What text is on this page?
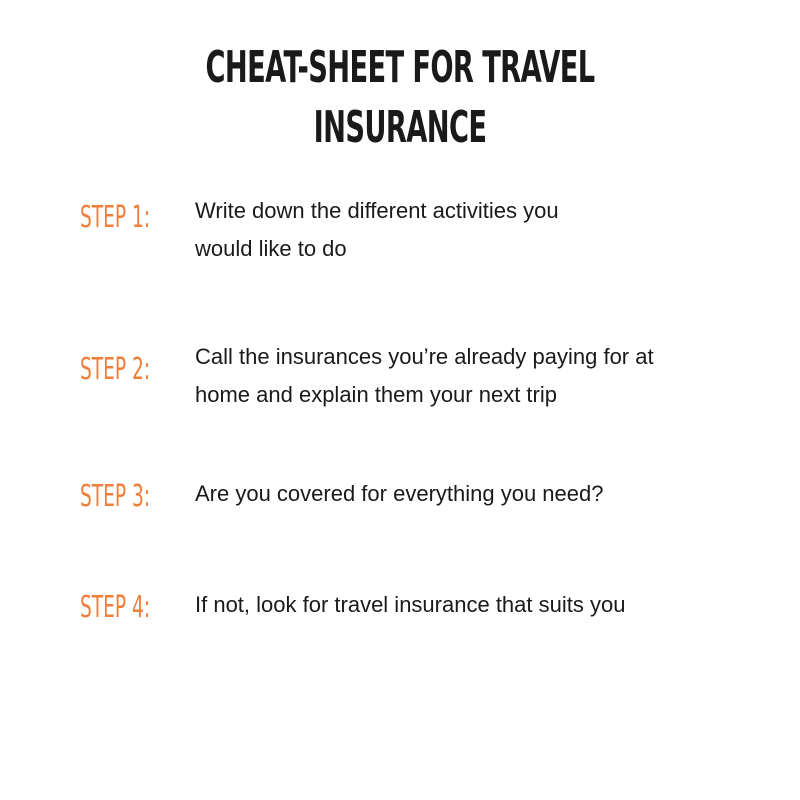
CHEAT-SHEET FOR TRAVEL INSURANCE
STEP 1: Write down the different activities you
would like to do

STEP 2: Call the insurances you’re already paying for at
home and explain them your next trip

STEP 3: Are you covered for everything you need?

STEP 4: If not, look for travel insurance that suits you
